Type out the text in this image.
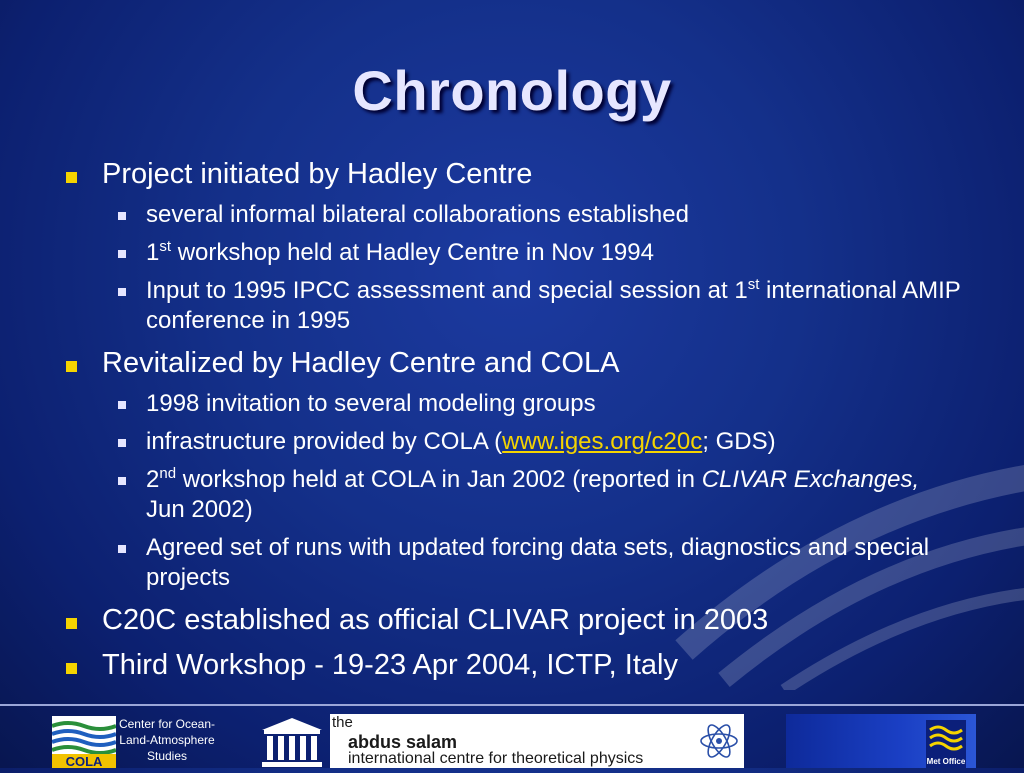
Chronology
Project initiated by Hadley Centre
several informal bilateral collaborations established
1st workshop held at Hadley Centre in Nov 1994
Input to 1995 IPCC assessment and special session at 1st international AMIP conference in 1995
Revitalized by Hadley Centre and COLA
1998 invitation to several modeling groups
infrastructure provided by COLA (www.iges.org/c20c; GDS)
2nd workshop held at COLA in Jan 2002 (reported in CLIVAR Exchanges, Jun 2002)
Agreed set of runs with updated forcing data sets, diagnostics and special projects
C20C established as official CLIVAR project in 2003
Third Workshop - 19-23 Apr 2004, ICTP, Italy
COLA
Center for Ocean-
Land-Atmosphere
Studies
the
abdus salam
international centre for theoretical physics	Met Office
